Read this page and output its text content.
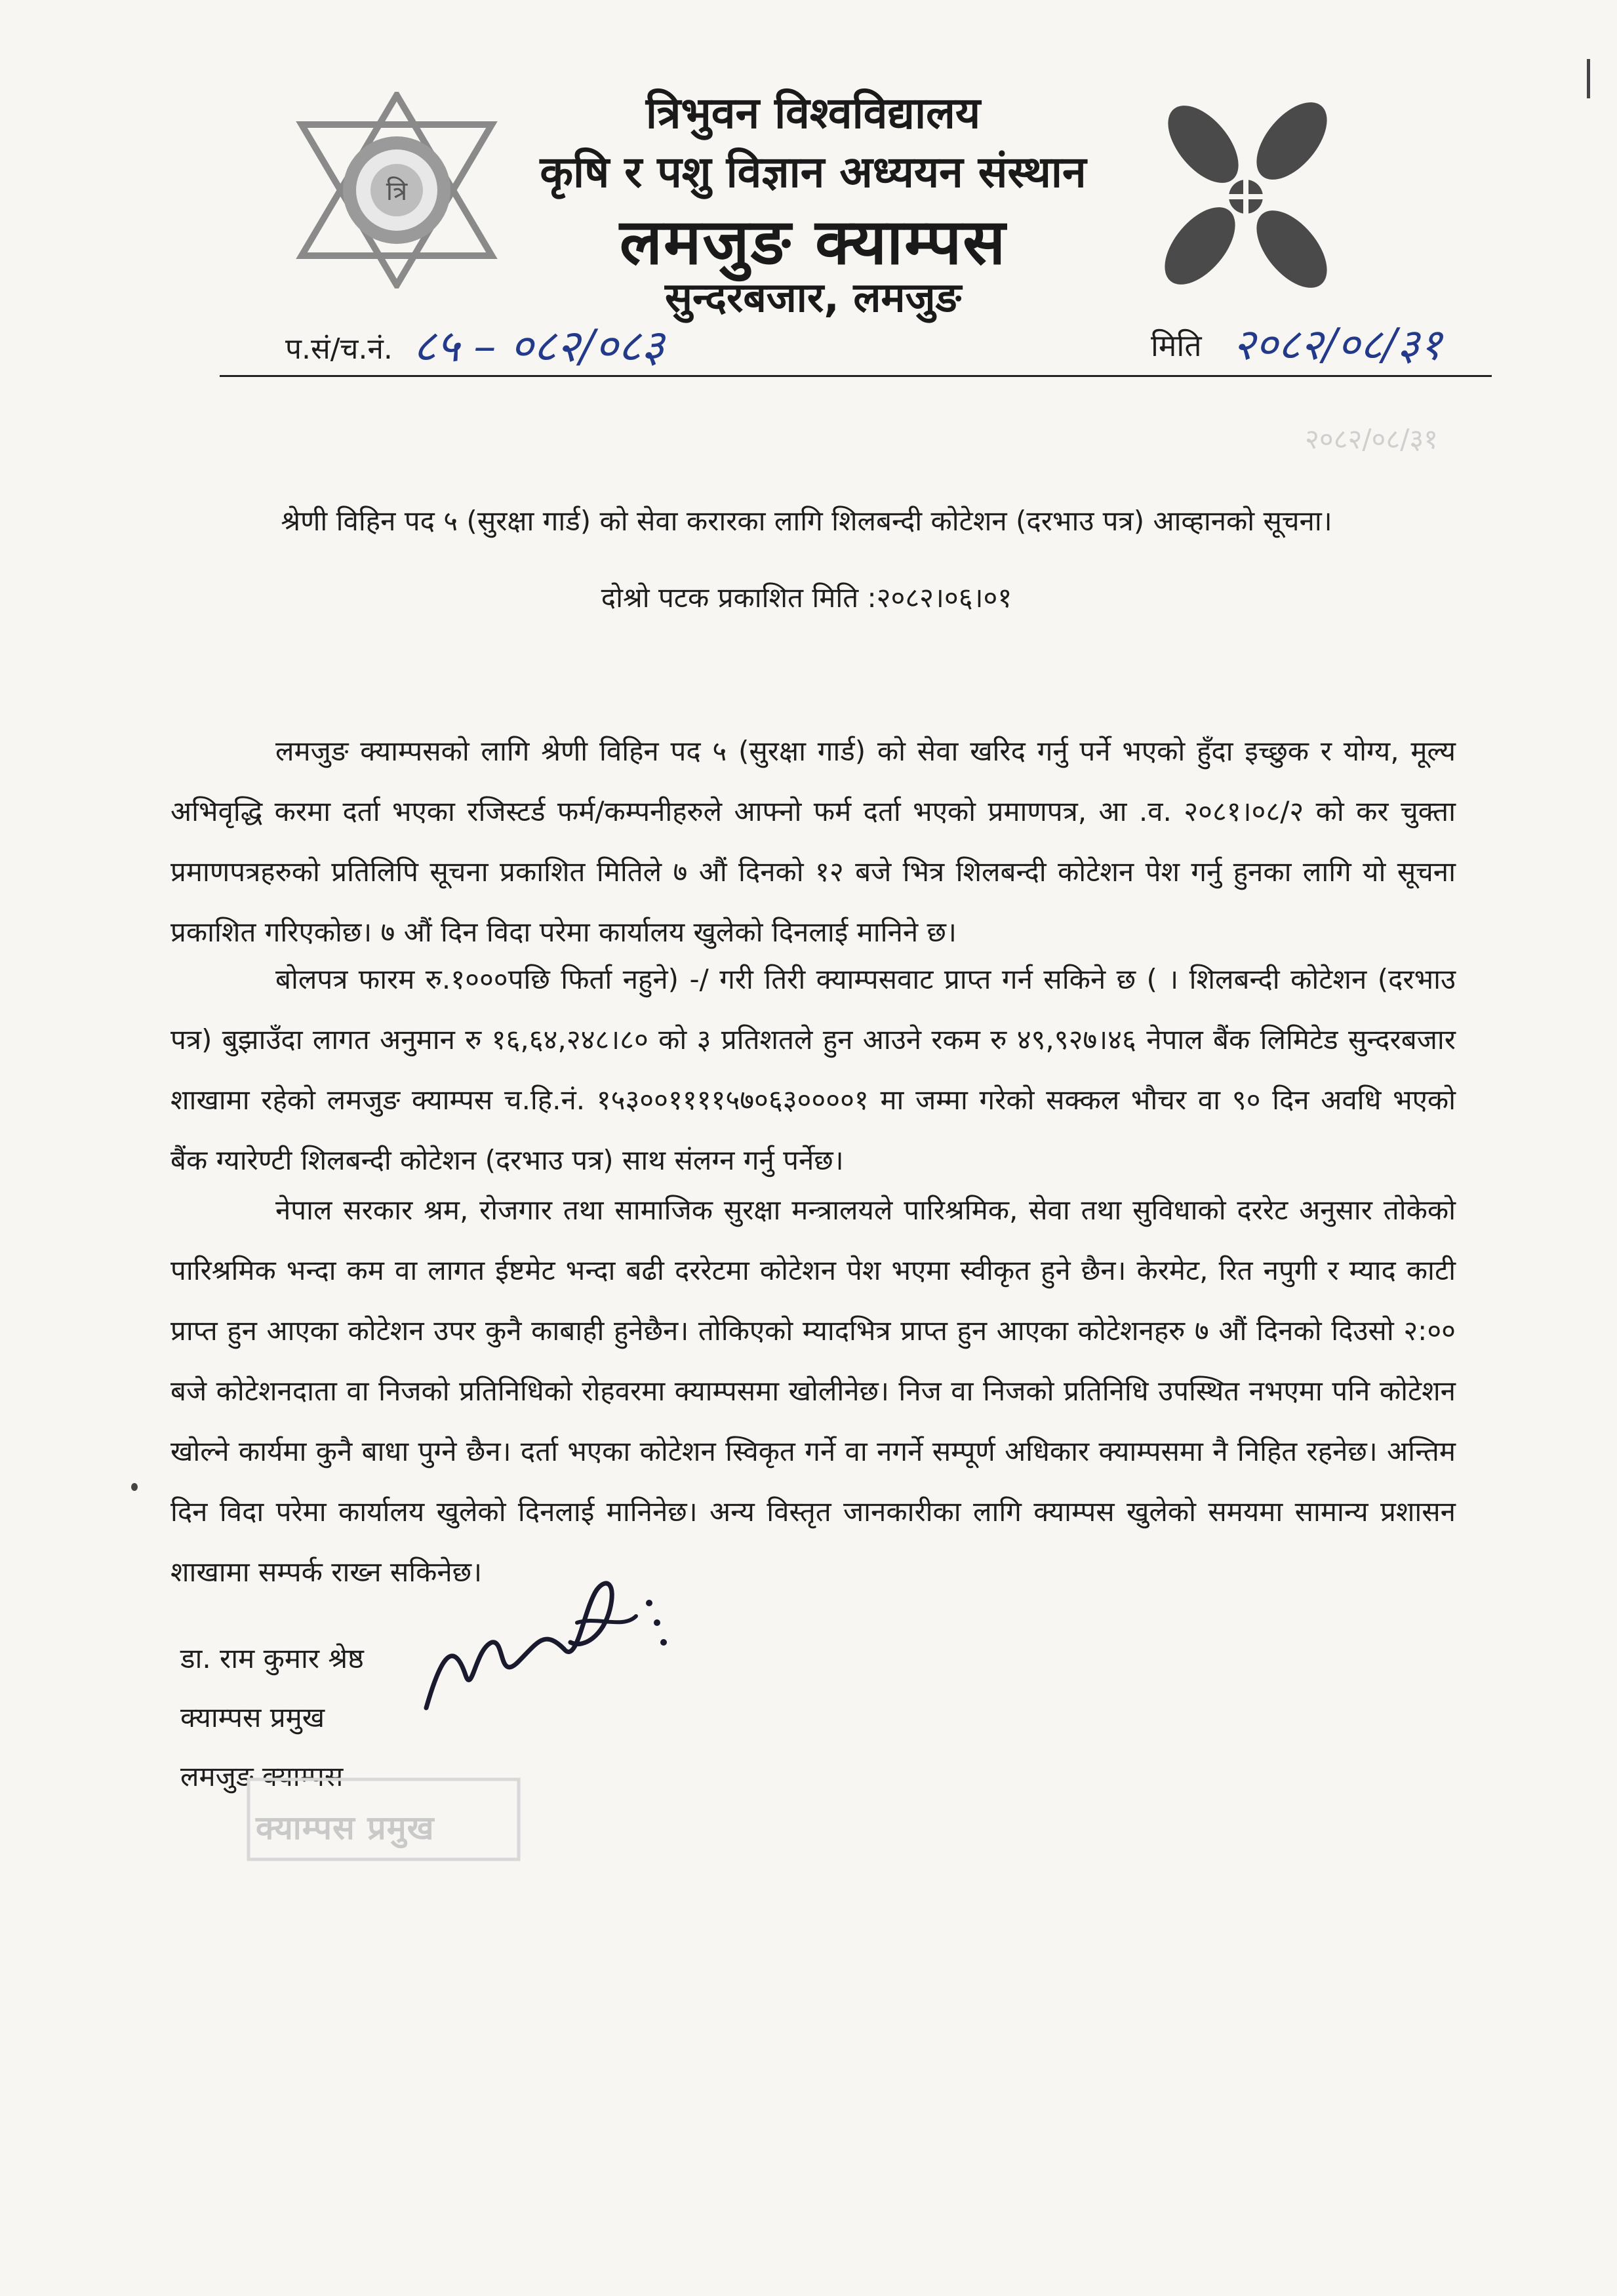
त्रि
त्रिभुवन विश्वविद्यालय
कृषि र पशु विज्ञान अध्ययन संस्थान
लमजुङ क्याम्पस
सुन्दरबजार, लमजुङ
प.सं/च.नं. ८५ – ०८२/०८३	मिति २०८२/०८/३१
२०८२/०८/३१
श्रेणी विहिन पद ५ (सुरक्षा गार्ड) को सेवा करारका लागि शिलबन्दी कोटेशन (दरभाउ पत्र) आव्हानको सूचना।
दोश्रो पटक प्रकाशित मिति :२०८२।०६।०१

लमजुङ क्याम्पसको लागि श्रेणी विहिन पद ५ (सुरक्षा गार्ड) को सेवा खरिद गर्नु पर्ने भएको हुँदा इच्छुक र योग्य, मूल्य अभिवृद्धि करमा दर्ता भएका रजिस्टर्ड फर्म/कम्पनीहरुले आफ्नो फर्म दर्ता भएको प्रमाणपत्र, आ .व. २०८१।०८/२ को कर चुक्ता प्रमाणपत्रहरुको प्रतिलिपि सूचना प्रकाशित मितिले ७ औं दिनको १२ बजे भित्र शिलबन्दी कोटेशन पेश गर्नु हुनका लागि यो सूचना प्रकाशित गरिएकोछ। ७ औं दिन विदा परेमा कार्यालय खुलेको दिनलाई मानिने छ।

बोलपत्र फारम रु.१०००पछि फिर्ता नहुने) -/ गरी तिरी क्याम्पसवाट प्राप्त गर्न सकिने छ ( । शिलबन्दी कोटेशन (दरभाउ पत्र) बुझाउँदा लागत अनुमान रु १६,६४,२४८।८० को ३ प्रतिशतले हुन आउने रकम रु ४९,९२७।४६ नेपाल बैंक लिमिटेड सुन्दरबजार शाखामा रहेको लमजुङ क्याम्पस च.हि.नं. १५३००११११५७०६३००००१ मा जम्मा गरेको सक्कल भौचर वा ९० दिन अवधि भएको बैंक ग्यारेण्टी शिलबन्दी कोटेशन (दरभाउ पत्र) साथ संलग्न गर्नु पर्नेछ।

नेपाल सरकार श्रम, रोजगार तथा सामाजिक सुरक्षा मन्त्रालयले पारिश्रमिक, सेवा तथा सुविधाको दररेट अनुसार तोकेको पारिश्रमिक भन्दा कम वा लागत ईष्टमेट भन्दा बढी दररेटमा कोटेशन पेश भएमा स्वीकृत हुने छैन। केरमेट, रित नपुगी र म्याद काटी प्राप्त हुन आएका कोटेशन उपर कुनै काबाही हुनेछैन। तोकिएको म्यादभित्र प्राप्त हुन आएका कोटेशनहरु ७ औं दिनको दिउसो २:०० बजे कोटेशनदाता वा निजको प्रतिनिधिको रोहवरमा क्याम्पसमा खोलीनेछ। निज वा निजको प्रतिनिधि उपस्थित नभएमा पनि कोटेशन खोल्ने कार्यमा कुनै बाधा पुग्ने छैन। दर्ता भएका कोटेशन स्विकृत गर्ने वा नगर्ने सम्पूर्ण अधिकार क्याम्पसमा नै निहित रहनेछ। अन्तिम दिन विदा परेमा कार्यालय खुलेको दिनलाई मानिनेछ। अन्य विस्तृत जानकारीका लागि क्याम्पस खुलेको समयमा सामान्य प्रशासन शाखामा सम्पर्क राख्न सकिनेछ।

डा. राम कुमार श्रेष्ठ
क्याम्पस प्रमुख
लमजुङ क्याम्पस
क्याम्पस प्रमुख
